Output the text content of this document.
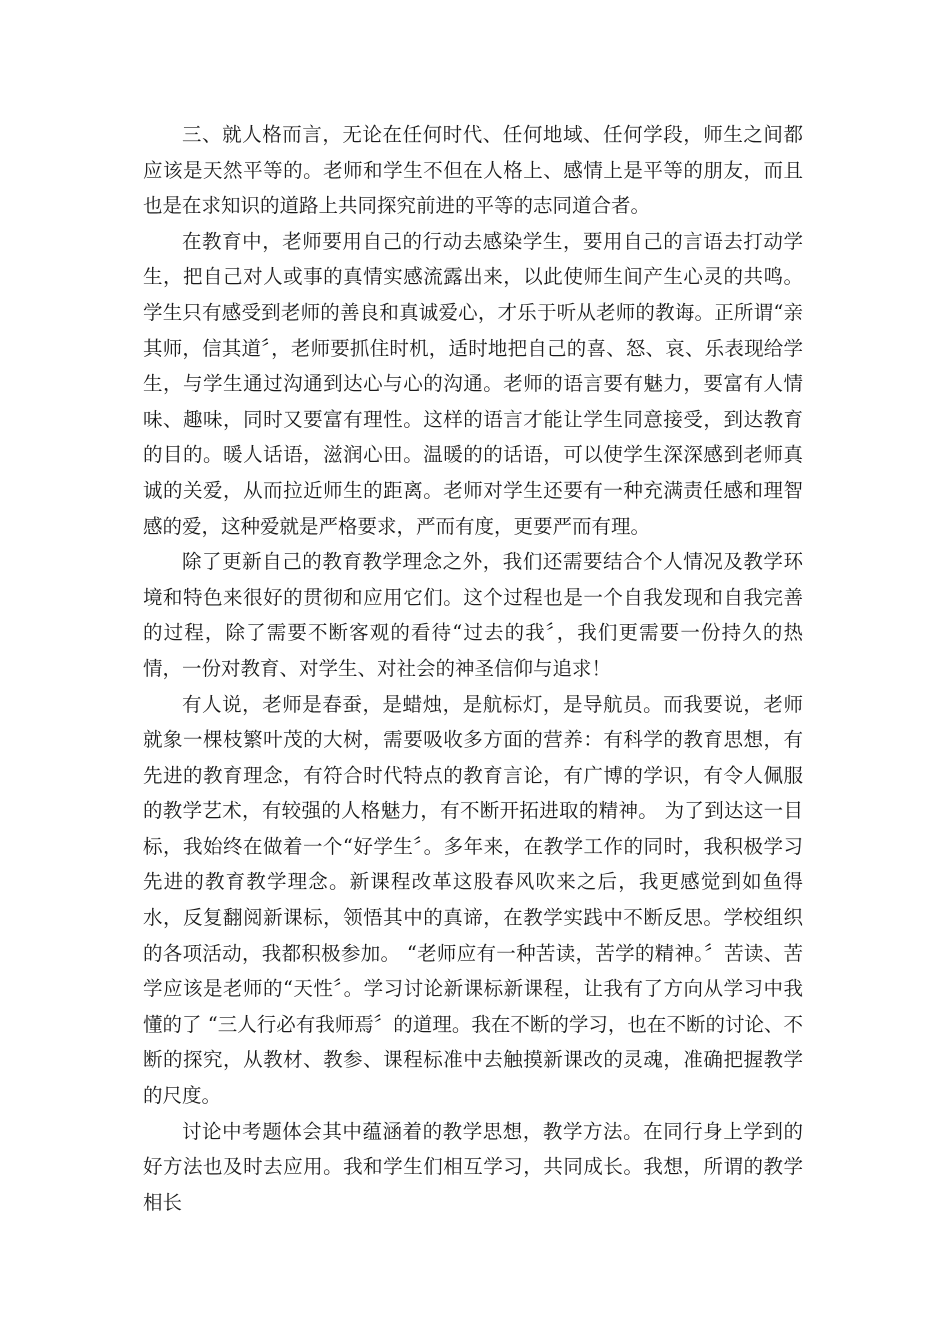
三、就人格而言，无论在任何时代、任何地域、任何学段，师生之间都应该是天然平等的。老师和学生不但在人格上、感情上是平等的朋友，而且也是在求知识的道路上共同探究前进的平等的志同道合者。

在教育中，老师要用自己的行动去感染学生，要用自己的言语去打动学生，把自己对人或事的真情实感流露出来，以此使师生间产生心灵的共鸣。学生只有感受到老师的善良和真诚爱心，才乐于听从老师的教诲。正所谓“亲其师，信其道〞，老师要抓住时机，适时地把自己的喜、怒、哀、乐表现给学生，与学生通过沟通到达心与心的沟通。老师的语言要有魅力，要富有人情味、趣味，同时又要富有理性。这样的语言才能让学生同意接受，到达教育的目的。暖人话语，滋润心田。温暖的的话语，可以使学生深深感到老师真诚的关爱，从而拉近师生的距离。老师对学生还要有一种充满责任感和理智感的爱，这种爱就是严格要求，严而有度，更要严而有理。

除了更新自己的教育教学理念之外，我们还需要结合个人情况及教学环境和特色来很好的贯彻和应用它们。这个过程也是一个自我发现和自我完善的过程，除了需要不断客观的看待“过去的我〞，我们更需要一份持久的热情，一份对教育、对学生、对社会的神圣信仰与追求！

有人说，老师是春蚕，是蜡烛，是航标灯，是导航员。而我要说，老师就象一棵枝繁叶茂的大树，需要吸收多方面的营养：有科学的教育思想，有先进的教育理念，有符合时代特点的教育言论，有广博的学识，有令人佩服的教学艺术，有较强的人格魅力，有不断开拓进取的精神。 为了到达这一目标，我始终在做着一个“好学生〞。多年来，在教学工作的同时，我积极学习先进的教育教学理念。新课程改革这股春风吹来之后，我更感觉到如鱼得水，反复翻阅新课标，领悟其中的真谛，在教学实践中不断反思。学校组织的各项活动，我都积极参加。 “老师应有一种苦读，苦学的精神。〞苦读、苦学应该是老师的“天性〞。学习讨论新课标新课程，让我有了方向从学习中我懂的了 “三人行必有我师焉〞的道理。我在不断的学习，也在不断的讨论、不断的探究，从教材、教参、课程标准中去触摸新课改的灵魂，准确把握教学的尺度。

讨论中考题体会其中蕴涵着的教学思想，教学方法。在同行身上学到的好方法也及时去应用。我和学生们相互学习，共同成长。我想，所谓的教学相长
